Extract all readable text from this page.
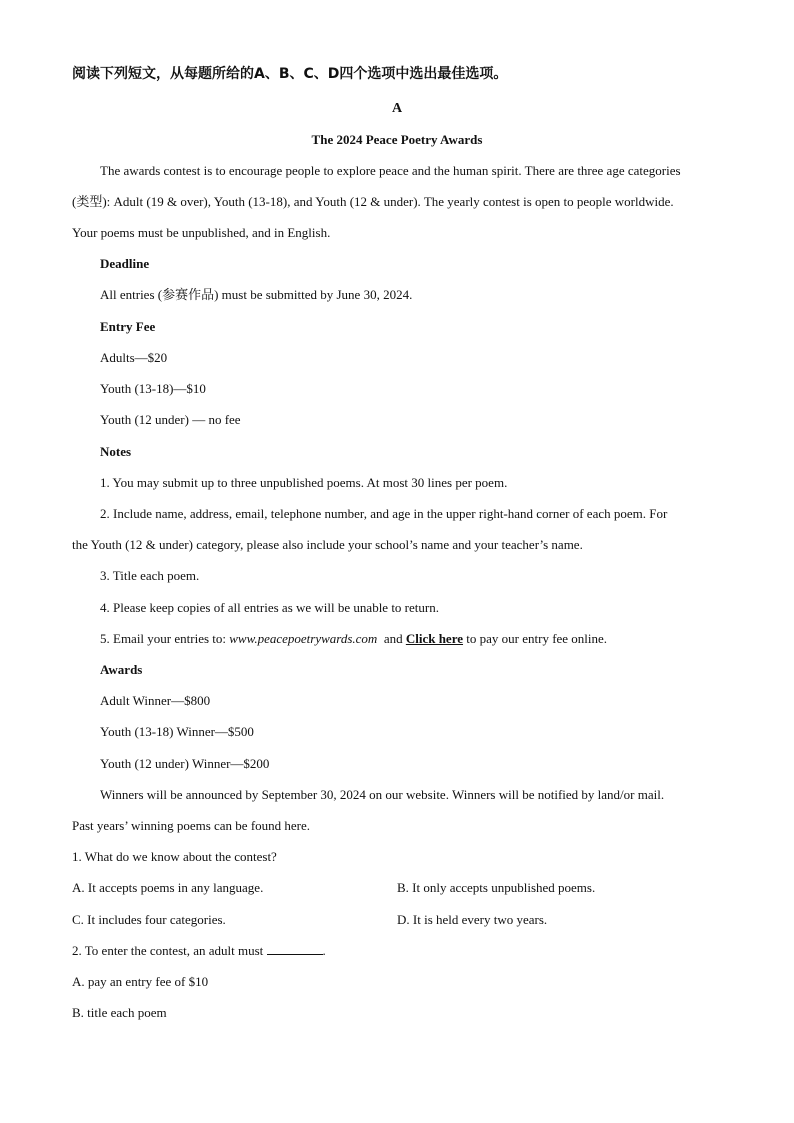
阅读下列短文，从每题所给的A、B、C、D四个选项中选出最佳选项。
A
The 2024 Peace Poetry Awards
The awards contest is to encourage people to explore peace and the human spirit. There are three age categories
(类型): Adult (19 & over), Youth (13-18), and Youth (12 & under). The yearly contest is open to people worldwide.
Your poems must be unpublished, and in English.
Deadline
All entries (参赛作品) must be submitted by June 30, 2024.
Entry Fee
Adults—$20
Youth (13-18)—$10
Youth (12 under) — no fee
Notes
1. You may submit up to three unpublished poems. At most 30 lines per poem.
2. Include name, address, email, telephone number, and age in the upper right-hand corner of each poem. For
the Youth (12 & under) category, please also include your school’s name and your teacher’s name.
3. Title each poem.
4. Please keep copies of all entries as we will be unable to return.
5. Email your entries to: www.peacepoetrywards.com  and Click here to pay our entry fee online.
Awards
Adult Winner—$800
Youth (13-18) Winner—$500
Youth (12 under) Winner—$200
Winners will be announced by September 30, 2024 on our website. Winners will be notified by land/or mail.
Past years’ winning poems can be found here.
1. What do we know about the contest?
A. It accepts poems in any language.	B. It only accepts unpublished poems.
C. It includes four categories.	D. It is held every two years.
2. To enter the contest, an adult must	.
A. pay an entry fee of $10
B. title each poem
